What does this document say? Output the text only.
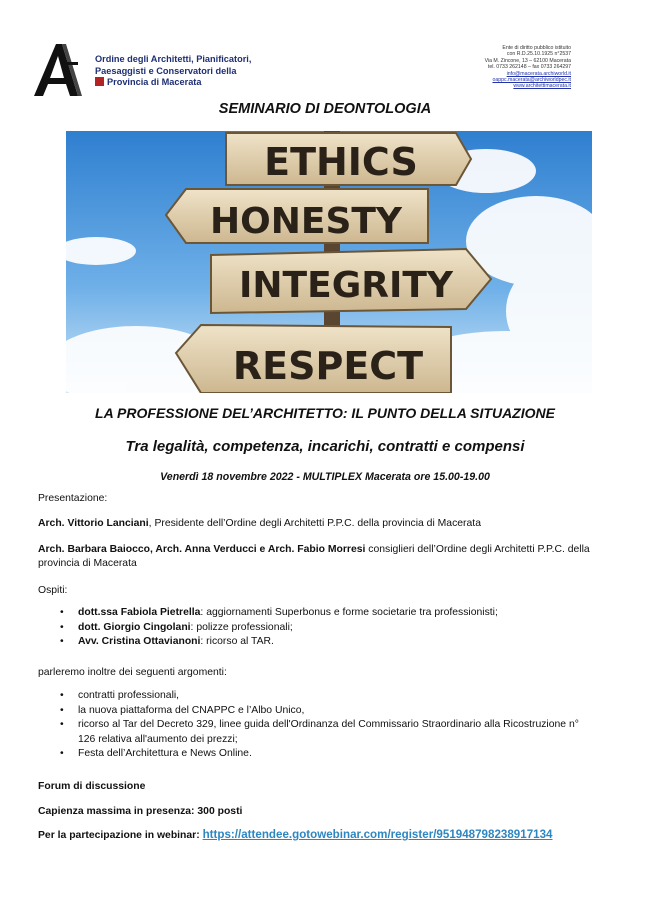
Ordine degli Architetti, Pianificatori,
Paesaggisti e Conservatori della
Provincia di Macerata
Ente di diritto pubblico istituito
con R.D.25.10.1925 n°2537
Via M. Zincone, 13 – 62100 Macerata
tel. 0733 262148 – fax 0733 264297
info@macerata.archiworld.it
oappc.macerata@archiworldpec.it
www.architettimacerata.it
SEMINARIO DI DEONTOLOGIA
ETHICS
HONESTY
INTEGRITY
RESPECT
LA PROFESSIONE DEL’ARCHITETTO: IL PUNTO DELLA SITUAZIONE
Tra legalità, competenza, incarichi, contratti e compensi
Venerdì 18 novembre 2022 - MULTIPLEX Macerata ore 15.00-19.00
Presentazione:
Arch. Vittorio Lanciani, Presidente dell’Ordine degli Architetti P.P.C. della provincia di Macerata
Arch. Barbara Baiocco, Arch. Anna Verducci e Arch. Fabio Morresi consiglieri dell’Ordine degli Architetti P.P.C. della
provincia di Macerata
Ospiti:
• dott.ssa Fabiola Pietrella: aggiornamenti Superbonus e forme societarie tra professionisti;
• dott. Giorgio Cingolani: polizze professionali;
• Avv. Cristina Ottavianoni: ricorso al TAR.
parleremo inoltre dei seguenti argomenti:
• contratti professionali,
• la nuova piattaforma del CNAPPC e l’Albo Unico,
• ricorso al Tar del Decreto 329, linee guida dell'Ordinanza del Commissario Straordinario alla Ricostruzione n°
126 relativa all'aumento dei prezzi;
• Festa dell’Architettura e News Online.
Forum di discussione
Capienza massima in presenza: 300 posti
Per la partecipazione in webinar: https://attendee.gotowebinar.com/register/951948798238917134
